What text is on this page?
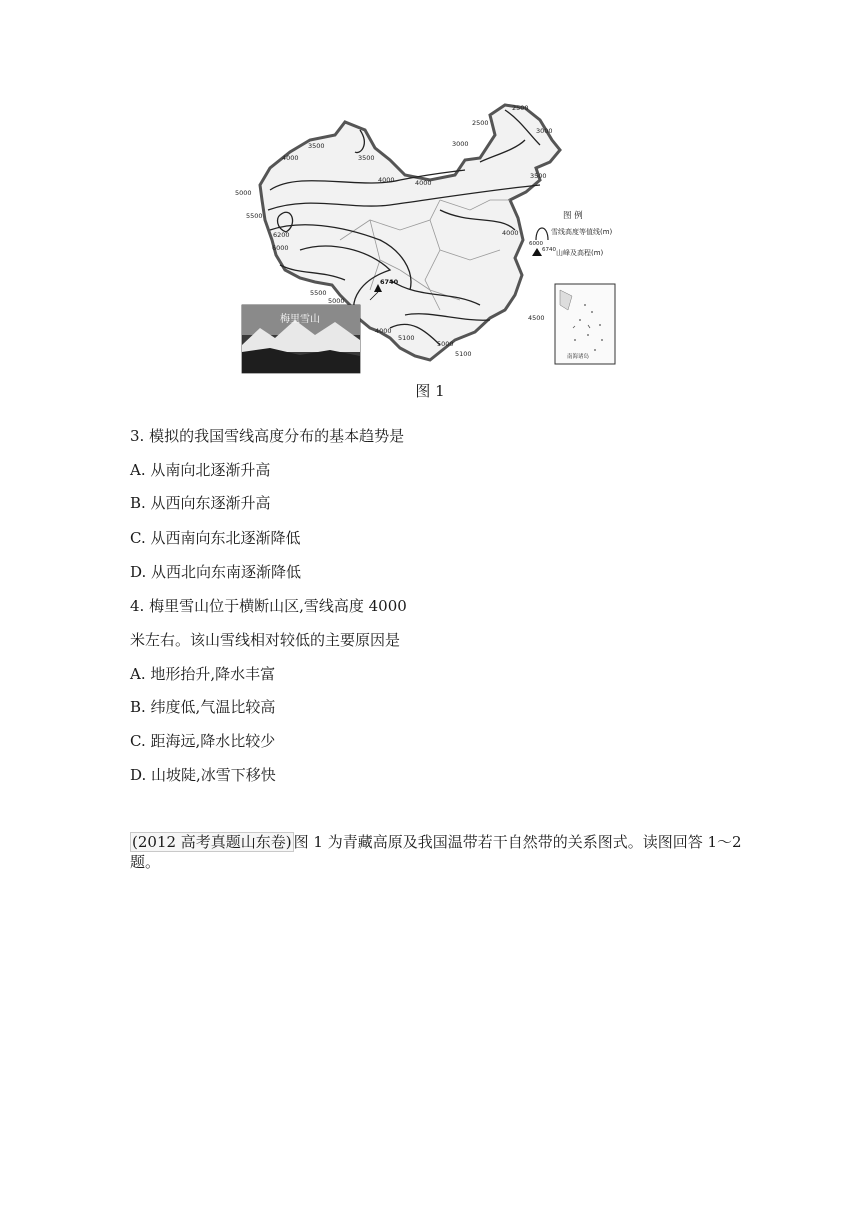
2500
2500
3000
3000
3500
3500
3500
4000
4000	4000
4000
5000
5500
6200
6000
5500
5000
4000
4500
5000
5100
5100
6740
梅里雪山
图 例
6000
雪线高度等值线(m)
6740 山峰及高程(m)
南海诸岛
图 1
3. 模拟的我国雪线高度分布的基本趋势是
A. 从南向北逐渐升高
B. 从西向东逐渐升高
C. 从西南向东北逐渐降低
D. 从西北向东南逐渐降低
4. 梅里雪山位于横断山区,雪线高度 4000
米左右。该山雪线相对较低的主要原因是
A. 地形抬升,降水丰富
B. 纬度低,气温比较高
C. 距海远,降水比较少
D. 山坡陡,冰雪下移快
(2012 高考真题山东卷) 图 1 为青藏高原及我国温带若干自然带的关系图式。读图回答 1～2
题。
